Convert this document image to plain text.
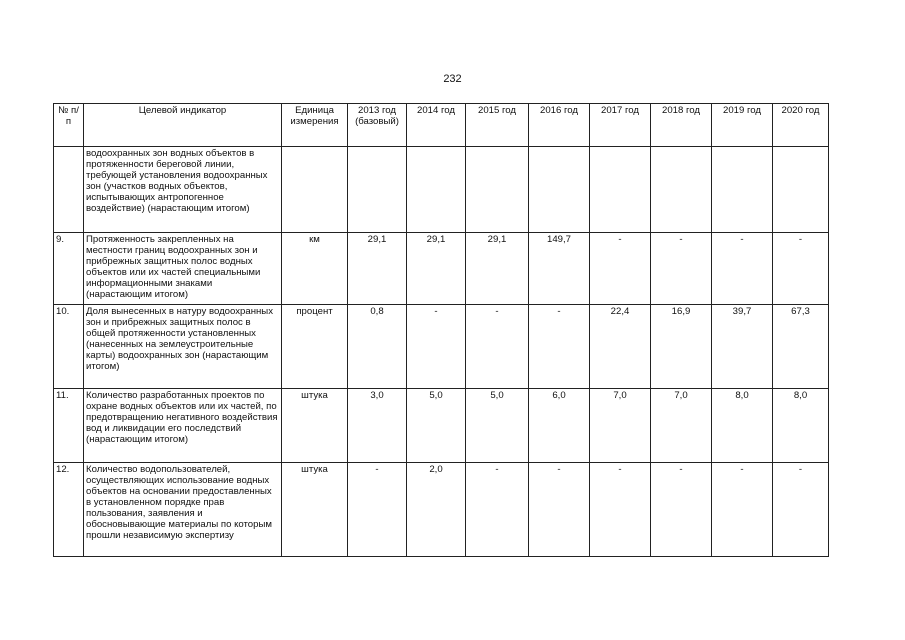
232
№ п/п	Целевой индикатор	Единица измерения	2013 год (базовый)	2014 год	2015 год	2016 год	2017 год	2018 год	2019 год	2020 год
	водоохранных зон водных объектов в протяженности береговой линии, требующей установления водоохранных зон (участков водных объектов, испытывающих антропогенное воздействие) (нарастающим итогом)									
9.	Протяженность закрепленных на местности границ водоохранных зон и прибрежных защитных полос водных объектов или их частей специальными информационными знаками (нарастающим итогом)	км	29,1	29,1	29,1	149,7	-	-	-	-
10.	Доля вынесенных в натуру водоохранных зон и прибрежных защитных полос в общей протяженности установленных (нанесенных на землеустроительные карты) водоохранных зон (нарастающим итогом)	процент	0,8	-	-	-	22,4	16,9	39,7	67,3
11.	Количество разработанных проектов по охране водных объектов или их частей, по предотвращению негативного воздействия вод и ликвидации его последствий (нарастающим итогом)	штука	3,0	5,0	5,0	6,0	7,0	7,0	8,0	8,0
12.	Количество водопользователей, осуществляющих использование водных объектов на основании предоставленных в установленном порядке прав пользования, заявления и обосновывающие материалы по которым прошли независимую экспертизу	штука	-	2,0	-	-	-	-	-	-
